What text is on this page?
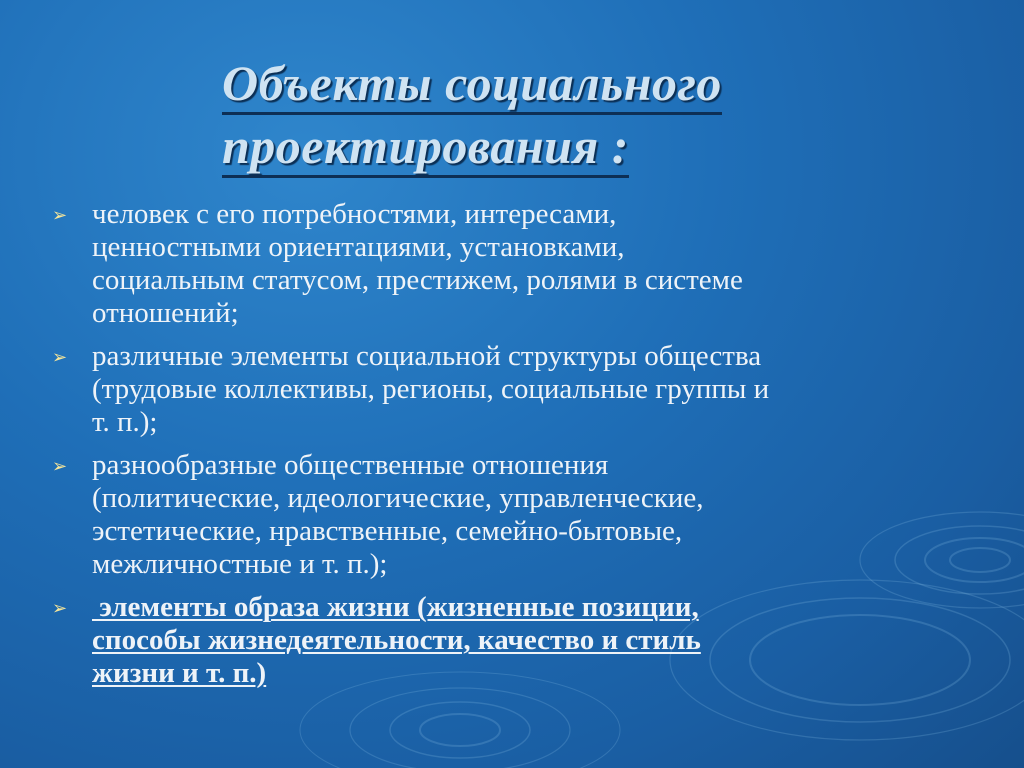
Объекты социального
проектирования :
➢ человек с его потребностями, интересами,
ценностными ориентациями, установками,
социальным статусом, престижем, ролями в системе
отношений;
➢ различные элементы социальной структуры общества
(трудовые коллективы, регионы, социальные группы и
т. п.);
➢ разнообразные общественные отношения
(политические, идеологические, управленческие,
эстетические, нравственные, семейно-бытовые,
межличностные и т. п.);
➢ элементы образа жизни (жизненные позиции,
способы жизнедеятельности, качество и стиль
жизни и т. п.)
